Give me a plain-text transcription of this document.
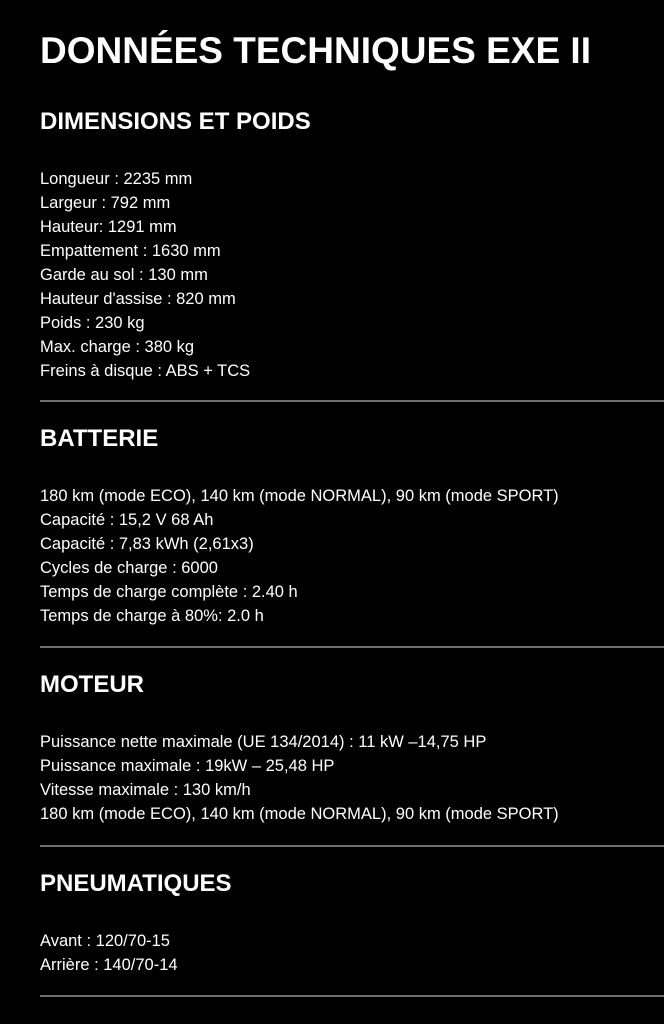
DONNÉES TECHNIQUES EXE II
DIMENSIONS ET POIDS
Longueur : 2235 mm
Largeur : 792 mm
Hauteur: 1291 mm
Empattement : 1630 mm
Garde au sol : 130 mm
Hauteur d'assise : 820 mm
Poids : 230 kg
Max. charge : 380 kg
Freins à disque : ABS + TCS
BATTERIE
180 km (mode ECO), 140 km (mode NORMAL), 90 km (mode SPORT)
Capacité : 15,2 V 68 Ah
Capacité : 7,83 kWh (2,61x3)
Cycles de charge : 6000
Temps de charge complète : 2.40 h
Temps de charge à 80%: 2.0 h
MOTEUR
Puissance nette maximale (UE 134/2014) : 11 kW –14,75 HP
Puissance maximale : 19kW – 25,48 HP
Vitesse maximale : 130 km/h
180 km (mode ECO), 140 km (mode NORMAL), 90 km (mode SPORT)
PNEUMATIQUES
Avant : 120/70-15
Arrière : 140/70-14
